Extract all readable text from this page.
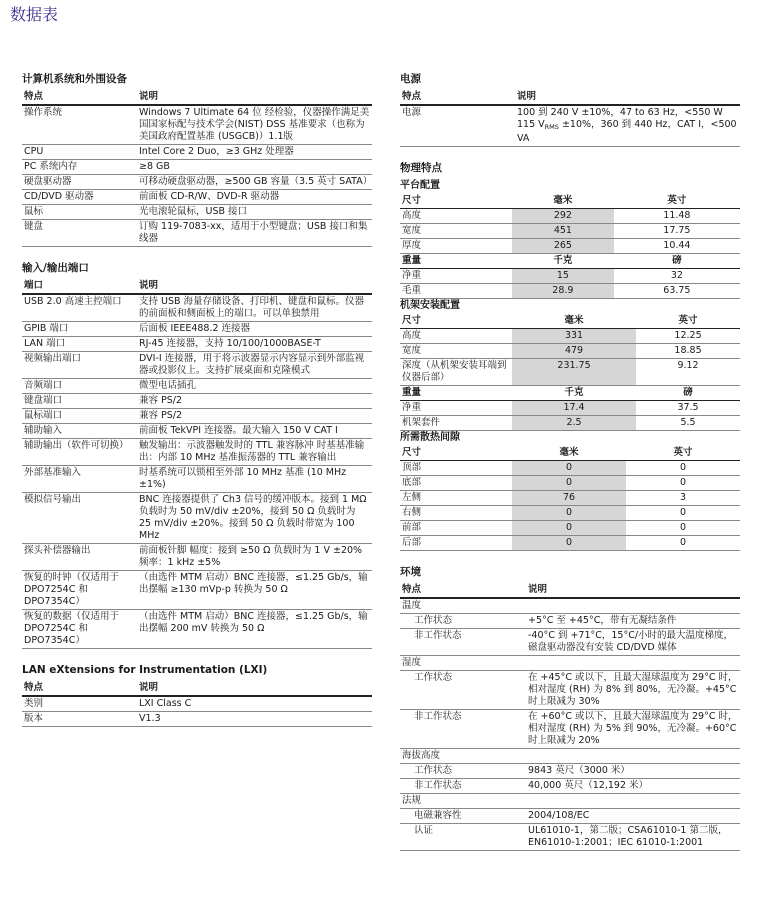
数据表
计算机系统和外围设备
特点	说明
操作系统	Windows 7 Ultimate 64 位 经检验，仪器操作满足美国国家标配与技术学会(NIST) DSS 基准要求（也称为美国政府配置基准 (USGCB)）1.1版
CPU	Intel Core 2 Duo，≥3 GHz 处理器
PC 系统内存	≥8 GB
硬盘驱动器	可移动硬盘驱动器，≥500 GB 容量（3.5 英寸 SATA）
CD/DVD 驱动器	前面板 CD-R/W、DVD-R 驱动器
鼠标	光电滚轮鼠标，USB 接口
键盘	订购 119-7083-xx，适用于小型键盘；USB 接口和集线器
输入/输出端口
端口	说明
USB 2.0 高速主控端口	支持 USB 海量存储设备、打印机、键盘和鼠标。仪器的前面板和侧面板上的端口。可以单独禁用
GPIB 端口	后面板 IEEE488.2 连接器
LAN 端口	RJ-45 连接器，支持 10/100/1000BASE-T
视频输出端口	DVI-I 连接器，用于将示波器显示内容显示到外部监视器或投影仪上。支持扩展桌面和克隆模式
音频端口	微型电话插孔
键盘端口	兼容 PS/2
鼠标端口	兼容 PS/2
辅助输入	前面板 TekVPI 连接器。最大输入 150 V CAT I
辅助输出（软件可切换）	触发输出：示波器触发时的 TTL 兼容脉冲 时基基准输出：内部 10 MHz 基准振荡器的 TTL 兼容输出
外部基准输入	时基系统可以锁相至外部 10 MHz 基准 (10 MHz ±1%)
模拟信号输出	BNC 连接器提供了 Ch3 信号的缓冲版本。接到 1 MΩ 负载时为 50 mV/div ±20%，接到 50 Ω 负载时为 25 mV/div ±20%。接到 50 Ω 负载时带宽为 100 MHz
探头补偿器输出	前面板针脚 幅度：接到 ≥50 Ω 负载时为 1 V ±20% 频率：1 kHz ±5%
恢复的时钟（仅适用于 DPO7254C 和 DPO7354C）	（由选件 MTM 启动）BNC 连接器，≤1.25 Gb/s，输出摆幅 ≥130 mVp-p 转换为 50 Ω
恢复的数据（仅适用于 DPO7254C 和 DPO7354C）	（由选件 MTM 启动）BNC 连接器，≤1.25 Gb/s，输出摆幅 200 mV 转换为 50 Ω
LAN eXtensions for Instrumentation (LXI)
特点	说明
类别	LXI Class C
版本	V1.3
电源
特点	说明
电源	100 到 240 V ±10%，47 to 63 Hz，<550 W
115 $V_{RMS} \pm 10\%$，360 到 440 Hz，CAT I，<500 VA
物理特点
平台配置
尺寸	毫米	英寸
高度	292	11.48
宽度	451	17.75
厚度	265	10.44
重量	千克	磅
净重	15	32
毛重	28.9	63.75
机架安装配置
尺寸	毫米	英寸
高度	331	12.25
宽度	479	18.85
深度（从机架安装耳端到仪器后部）	231.75	9.12
重量	千克	磅
净重	17.4	37.5
机架套件	2.5	5.5
所需散热间隙
尺寸	毫米	英寸
顶部	0	0
底部	0	0
左侧	76	3
右侧	0	0
前部	0	0
后部	0	0
环境
特点	说明
温度	
工作状态	+5°C 至 +45°C，带有无凝结条件
非工作状态	-40°C 到 +71°C，15°C/小时的最大温度梯度，磁盘驱动器没有安装 CD/DVD 媒体
湿度	
工作状态	在 +45°C 或以下，且最大湿球温度为 29°C 时，相对湿度 (RH) 为 8% 到 80%，无冷凝。+45°C 时上限减为 30%
非工作状态	在 +60°C 或以下，且最大湿球温度为 29°C 时，相对湿度 (RH) 为 5% 到 90%，无冷凝。+60°C 时上限减为 20%
海拔高度	
工作状态	9843 英尺（3000 米）
非工作状态	40,000 英尺（12,192 米）
法规	
电磁兼容性	2004/108/EC
认证	UL61010-1，第二版；CSA61010-1 第二版，EN61010-1:2001；IEC 61010-1:2001
